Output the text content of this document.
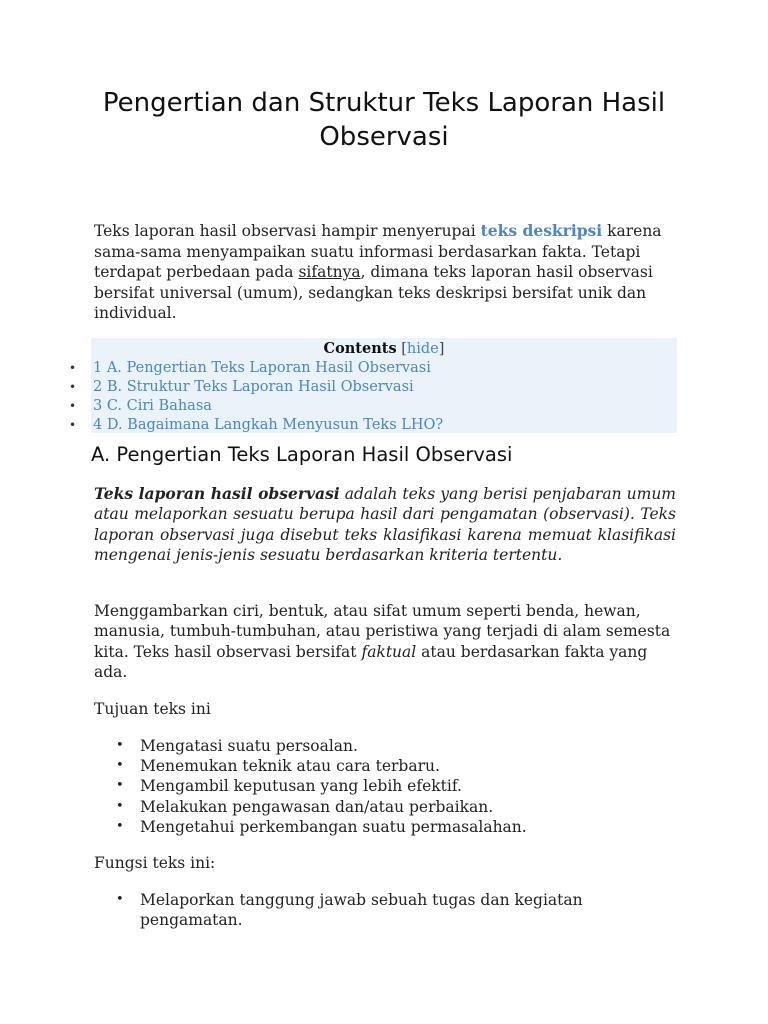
Pengertian dan Struktur Teks Laporan Hasil Observasi

Teks laporan hasil observasi hampir menyerupai teks deskripsi karena sama-sama menyampaikan suatu informasi berdasarkan fakta. Tetapi terdapat perbedaan pada sifatnya, dimana teks laporan hasil observasi bersifat universal (umum), sedangkan teks deskripsi bersifat unik dan individual.

Contents [hide]
• 1 A. Pengertian Teks Laporan Hasil Observasi
• 2 B. Struktur Teks Laporan Hasil Observasi
• 3 C. Ciri Bahasa
• 4 D. Bagaimana Langkah Menyusun Teks LHO?
A. Pengertian Teks Laporan Hasil Observasi

Teks laporan hasil observasi adalah teks yang berisi penjabaran umum atau melaporkan sesuatu berupa hasil dari pengamatan (observasi). Teks laporan observasi juga disebut teks klasifikasi karena memuat klasifikasi mengenai jenis-jenis sesuatu berdasarkan kriteria tertentu.

Menggambarkan ciri, bentuk, atau sifat umum seperti benda, hewan, manusia, tumbuh-tumbuhan, atau peristiwa yang terjadi di alam semesta kita. Teks hasil observasi bersifat faktual atau berdasarkan fakta yang ada.

Tujuan teks ini

• Mengatasi suatu persoalan.
• Menemukan teknik atau cara terbaru.
• Mengambil keputusan yang lebih efektif.
• Melakukan pengawasan dan/atau perbaikan.
• Mengetahui perkembangan suatu permasalahan.

Fungsi teks ini:

• Melaporkan tanggung jawab sebuah tugas dan kegiatan pengamatan.
